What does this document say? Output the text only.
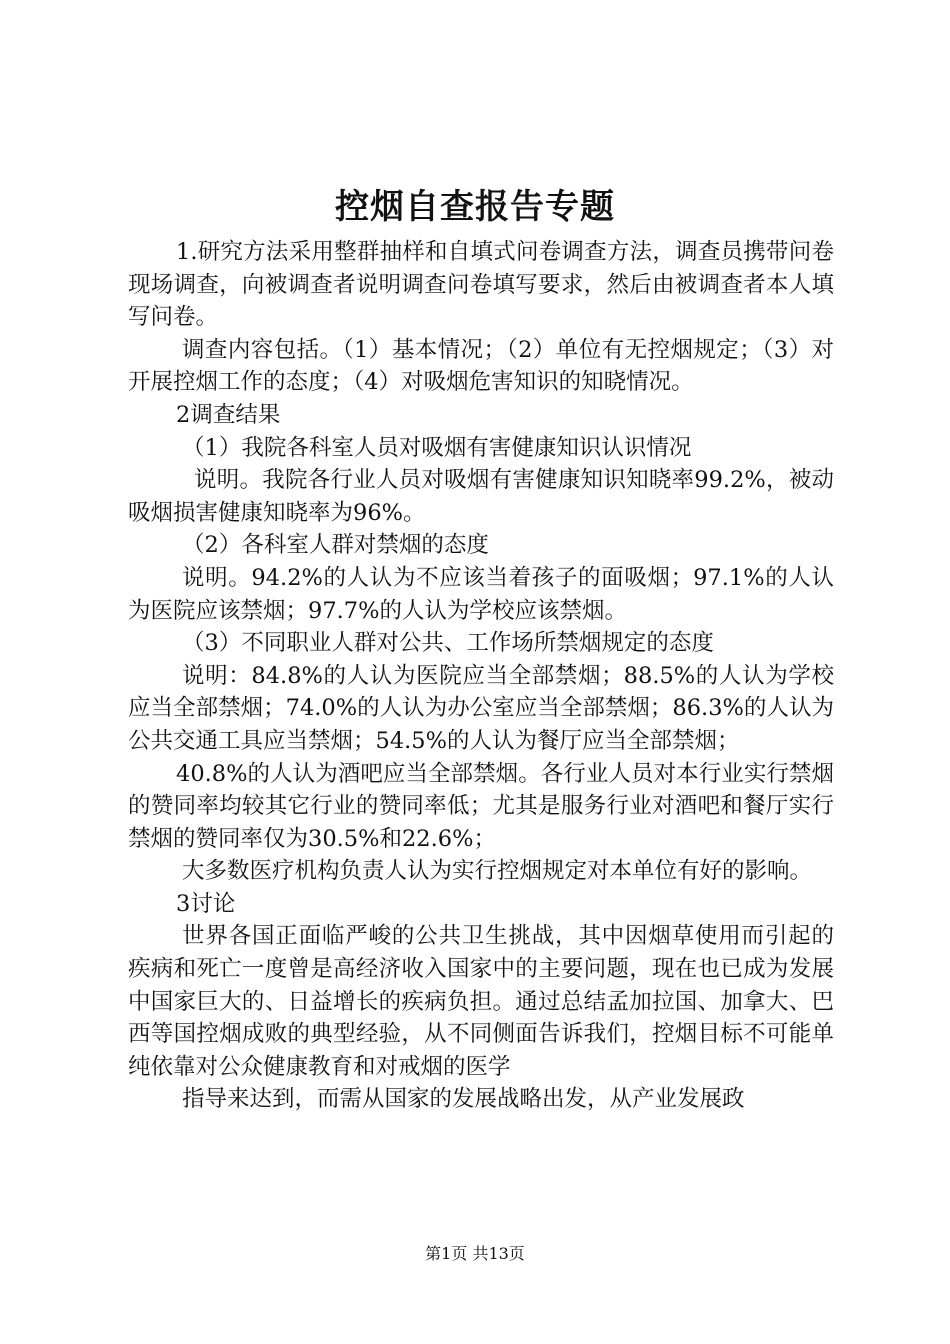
控烟自查报告专题

1.研究方法采用整群抽样和自填式问卷调查方法，调查员携带问卷现场调查，向被调查者说明调查问卷填写要求，然后由被调查者本人填写问卷。

调查内容包括。（1）基本情况；（2）单位有无控烟规定；（3）对开展控烟工作的态度；（4）对吸烟危害知识的知晓情况。

2调查结果

（1）我院各科室人员对吸烟有害健康知识认识情况

说明。我院各行业人员对吸烟有害健康知识知晓率99.2%，被动吸烟损害健康知晓率为96%。

（2）各科室人群对禁烟的态度

说明。94.2%的人认为不应该当着孩子的面吸烟；97.1%的人认为医院应该禁烟；97.7%的人认为学校应该禁烟。

（3）不同职业人群对公共、工作场所禁烟规定的态度

说明：84.8%的人认为医院应当全部禁烟；88.5%的人认为学校应当全部禁烟；74.0%的人认为办公室应当全部禁烟；86.3%的人认为公共交通工具应当禁烟；54.5%的人认为餐厅应当全部禁烟；

40.8%的人认为酒吧应当全部禁烟。各行业人员对本行业实行禁烟的赞同率均较其它行业的赞同率低；尤其是服务行业对酒吧和餐厅实行禁烟的赞同率仅为30.5%和22.6%；

大多数医疗机构负责人认为实行控烟规定对本单位有好的影响。

3讨论

世界各国正面临严峻的公共卫生挑战，其中因烟草使用而引起的疾病和死亡一度曾是高经济收入国家中的主要问题，现在也已成为发展中国家巨大的、日益增长的疾病负担。通过总结孟加拉国、加拿大、巴西等国控烟成败的典型经验，从不同侧面告诉我们，控烟目标不可能单纯依靠对公众健康教育和对戒烟的医学

指导来达到，而需从国家的发展战略出发，从产业发展政

第1页 共13页
